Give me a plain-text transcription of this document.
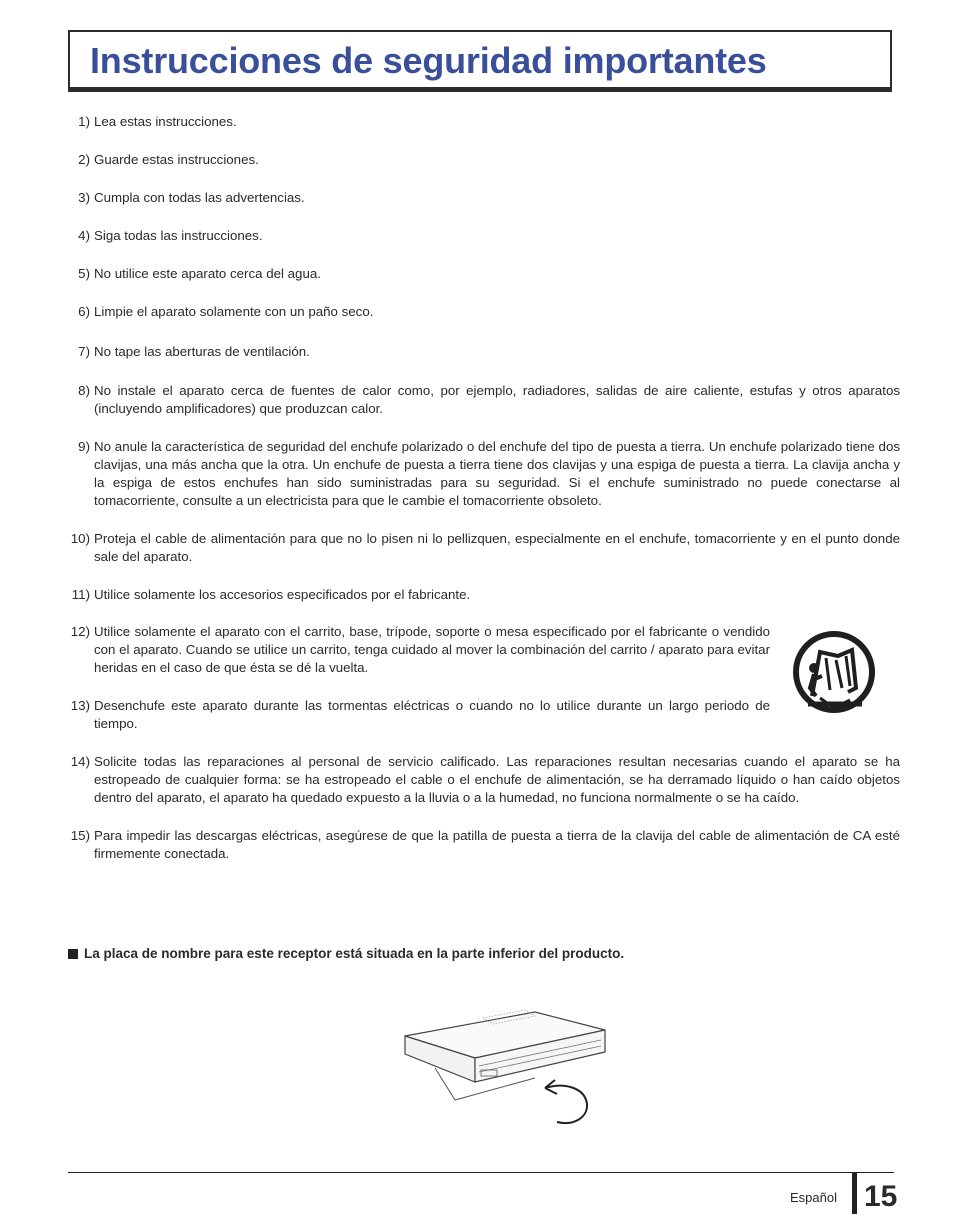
Instrucciones de seguridad importantes
1) Lea estas instrucciones.
2) Guarde estas instrucciones.
3) Cumpla con todas las advertencias.
4) Siga todas las instrucciones.
5) No utilice este aparato cerca del agua.
6) Limpie el aparato solamente con un paño seco.
7) No tape las aberturas de ventilación.
8) No instale el aparato cerca de fuentes de calor como, por ejemplo, radiadores, salidas de aire caliente, estufas y otros aparatos (incluyendo amplificadores) que produzcan calor.
9) No anule la característica de seguridad del enchufe polarizado o del enchufe del tipo de puesta a tierra. Un enchufe polarizado tiene dos clavijas, una más ancha que la otra. Un enchufe de puesta a tierra tiene dos clavijas y una espiga de puesta a tierra. La clavija ancha y la espiga de estos enchufes han sido suministradas para su seguridad. Si el enchufe suministrado no puede conectarse al tomacorriente, consulte a un electricista para que le cambie el tomacorriente obsoleto.
10) Proteja el cable de alimentación para que no lo pisen ni lo pellizquen, especialmente en el enchufe, tomacorriente y en el punto donde sale del aparato.
11) Utilice solamente los accesorios especificados por el fabricante.
12) Utilice solamente el aparato con el carrito, base, trípode, soporte o mesa especificado por el fabricante o vendido con el aparato. Cuando se utilice un carrito, tenga cuidado al mover la combinación del carrito / aparato para evitar heridas en el caso de que ésta se dé la vuelta.
13) Desenchufe este aparato durante las tormentas eléctricas o cuando no lo utilice durante un largo periodo de tiempo.
14) Solicite todas las reparaciones al personal de servicio calificado. Las reparaciones resultan necesarias cuando el aparato se ha estropeado de cualquier forma: se ha estropeado el cable o el enchufe de alimentación, se ha derramado líquido o han caído objetos dentro del aparato, el aparato ha quedado expuesto a la lluvia o a la humedad, no funciona normalmente o se ha caído.
15) Para impedir las descargas eléctricas, asegúrese de que la patilla de puesta a tierra de la clavija del cable de alimentación de CA esté firmemente conectada.
La placa de nombre para este receptor está situada en la parte inferior del producto.
Español 15
